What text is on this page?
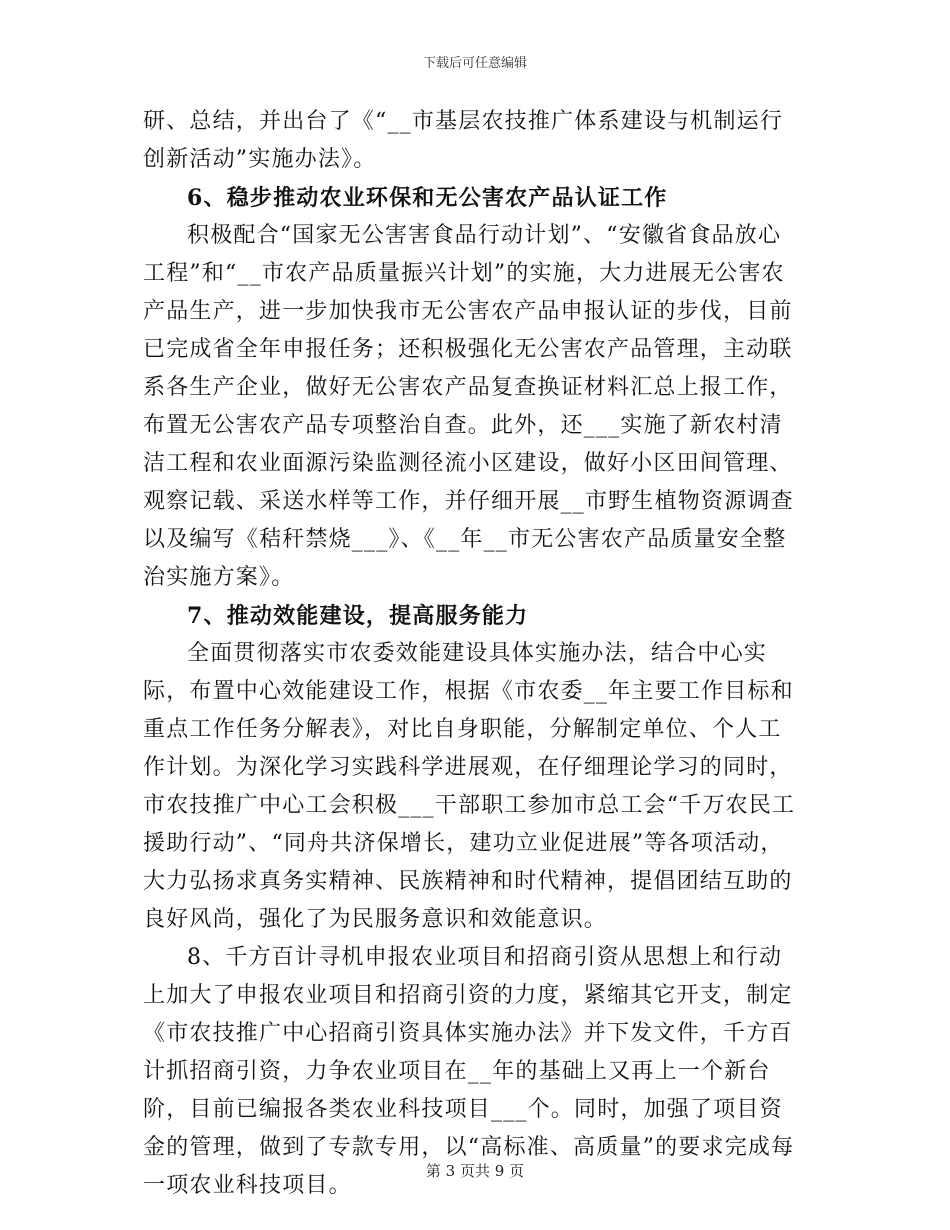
下载后可任意编辑

研、总结，并出台了《“__市基层农技推广体系建设与机制运行创新活动”实施办法》。

6、稳步推动农业环保和无公害农产品认证工作

积极配合“国家无公害害食品行动计划”、“安徽省食品放心工程”和“__市农产品质量振兴计划”的实施，大力进展无公害农产品生产，进一步加快我市无公害农产品申报认证的步伐，目前已完成省全年申报任务；还积极强化无公害农产品管理，主动联系各生产企业，做好无公害农产品复查换证材料汇总上报工作，布置无公害农产品专项整治自查。此外，还___实施了新农村清洁工程和农业面源污染监测径流小区建设，做好小区田间管理、观察记载、采送水样等工作，并仔细开展__市野生植物资源调查以及编写《秸秆禁烧___》、《__年__市无公害农产品质量安全整治实施方案》。

7、推动效能建设，提高服务能力

全面贯彻落实市农委效能建设具体实施办法，结合中心实际，布置中心效能建设工作，根据《市农委__年主要工作目标和重点工作任务分解表》，对比自身职能，分解制定单位、个人工作计划。为深化学习实践科学进展观，在仔细理论学习的同时，市农技推广中心工会积极___干部职工参加市总工会“千万农民工援助行动”、“同舟共济保增长，建功立业促进展”等各项活动，大力弘扬求真务实精神、民族精神和时代精神，提倡团结互助的良好风尚，强化了为民服务意识和效能意识。

8、千方百计寻机申报农业项目和招商引资从思想上和行动上加大了申报农业项目和招商引资的力度，紧缩其它开支，制定《市农技推广中心招商引资具体实施办法》并下发文件，千方百计抓招商引资，力争农业项目在__年的基础上又再上一个新台阶，目前已编报各类农业科技项目___个。同时，加强了项目资金的管理，做到了专款专用，以“高标准、高质量”的要求完成每一项农业科技项目。

第 3 页共 9 页
